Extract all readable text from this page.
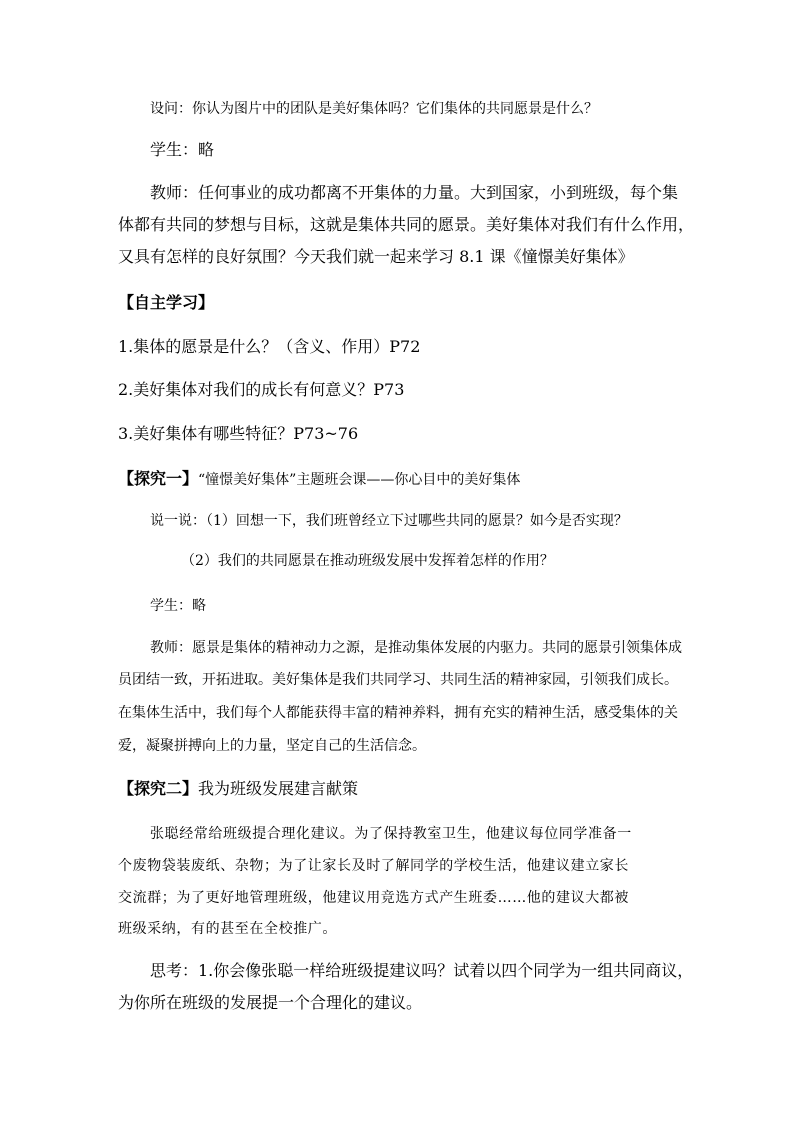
设问：你认为图片中的团队是美好集体吗？它们集体的共同愿景是什么？
学生：略
教师：任何事业的成功都离不开集体的力量。大到国家，小到班级，每个集
体都有共同的梦想与目标，这就是集体共同的愿景。美好集体对我们有什么作用，
又具有怎样的良好氛围？今天我们就一起来学习 8.1 课《憧憬美好集体》
【自主学习】
1.集体的愿景是什么？（含义、作用）P72
2.美好集体对我们的成长有何意义？P73
3.美好集体有哪些特征？P73~76
【探究一】“憧憬美好集体”主题班会课——你心目中的美好集体
说一说：（1）回想一下，我们班曾经立下过哪些共同的愿景？如今是否实现？
（2）我们的共同愿景在推动班级发展中发挥着怎样的作用？
学生：略
教师：愿景是集体的精神动力之源，是推动集体发展的内驱力。共同的愿景引领集体成
员团结一致，开拓进取。美好集体是我们共同学习、共同生活的精神家园，引领我们成长。
在集体生活中，我们每个人都能获得丰富的精神养料，拥有充实的精神生活，感受集体的关
爱，凝聚拼搏向上的力量，坚定自己的生活信念。
【探究二】我为班级发展建言献策
张聪经常给班级提合理化建议。为了保持教室卫生，他建议每位同学准备一
个废物袋装废纸、杂物；为了让家长及时了解同学的学校生活，他建议建立家长
交流群；为了更好地管理班级，他建议用竞选方式产生班委……他的建议大都被
班级采纳，有的甚至在全校推广。
思考：1.你会像张聪一样给班级提建议吗？试着以四个同学为一组共同商议，
为你所在班级的发展提一个合理化的建议。
